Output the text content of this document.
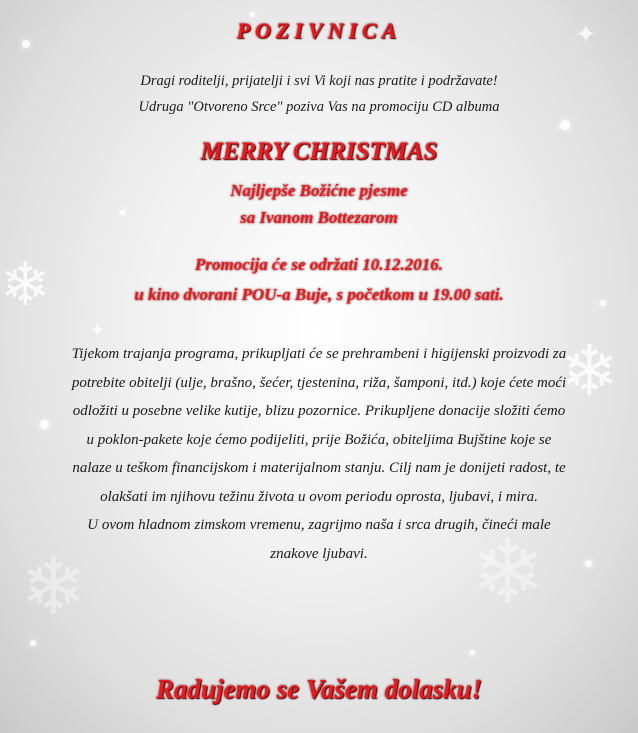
❄
❄
❄
❄
✦
✦
POZIVNICA
Dragi roditelji, prijatelji i svi Vi koji nas pratite i podržavate!
Udruga "Otvoreno Srce" poziva Vas na promociju CD albuma
MERRY CHRISTMAS
Najljepše Božićne pjesme
sa Ivanom Bottezarom
Promocija će se održati 10.12.2016.
u kino dvorani POU-a Buje, s početkom u 19.00 sati.

Tijekom trajanja programa, prikupljati će se prehrambeni i higijenski proizvodi za potrebite obitelji (ulje, brašno, šećer, tjestenina, riža, šamponi, itd.) koje ćete moći odložiti u posebne velike kutije, blizu pozornice. Prikupljene donacije složiti ćemo u poklon-pakete koje ćemo podijeliti, prije Božića, obiteljima Bujštine koje se nalaze u teškom financijskom i materijalnom stanju. Cilj nam je donijeti radost, te olakšati im njihovu težinu života u ovom periodu oprosta, ljubavi, i mira.

U ovom hladnom zimskom vremenu, zagrijmo naša i srca drugih, čineći male znakove ljubavi.

Radujemo se Vašem dolasku!
